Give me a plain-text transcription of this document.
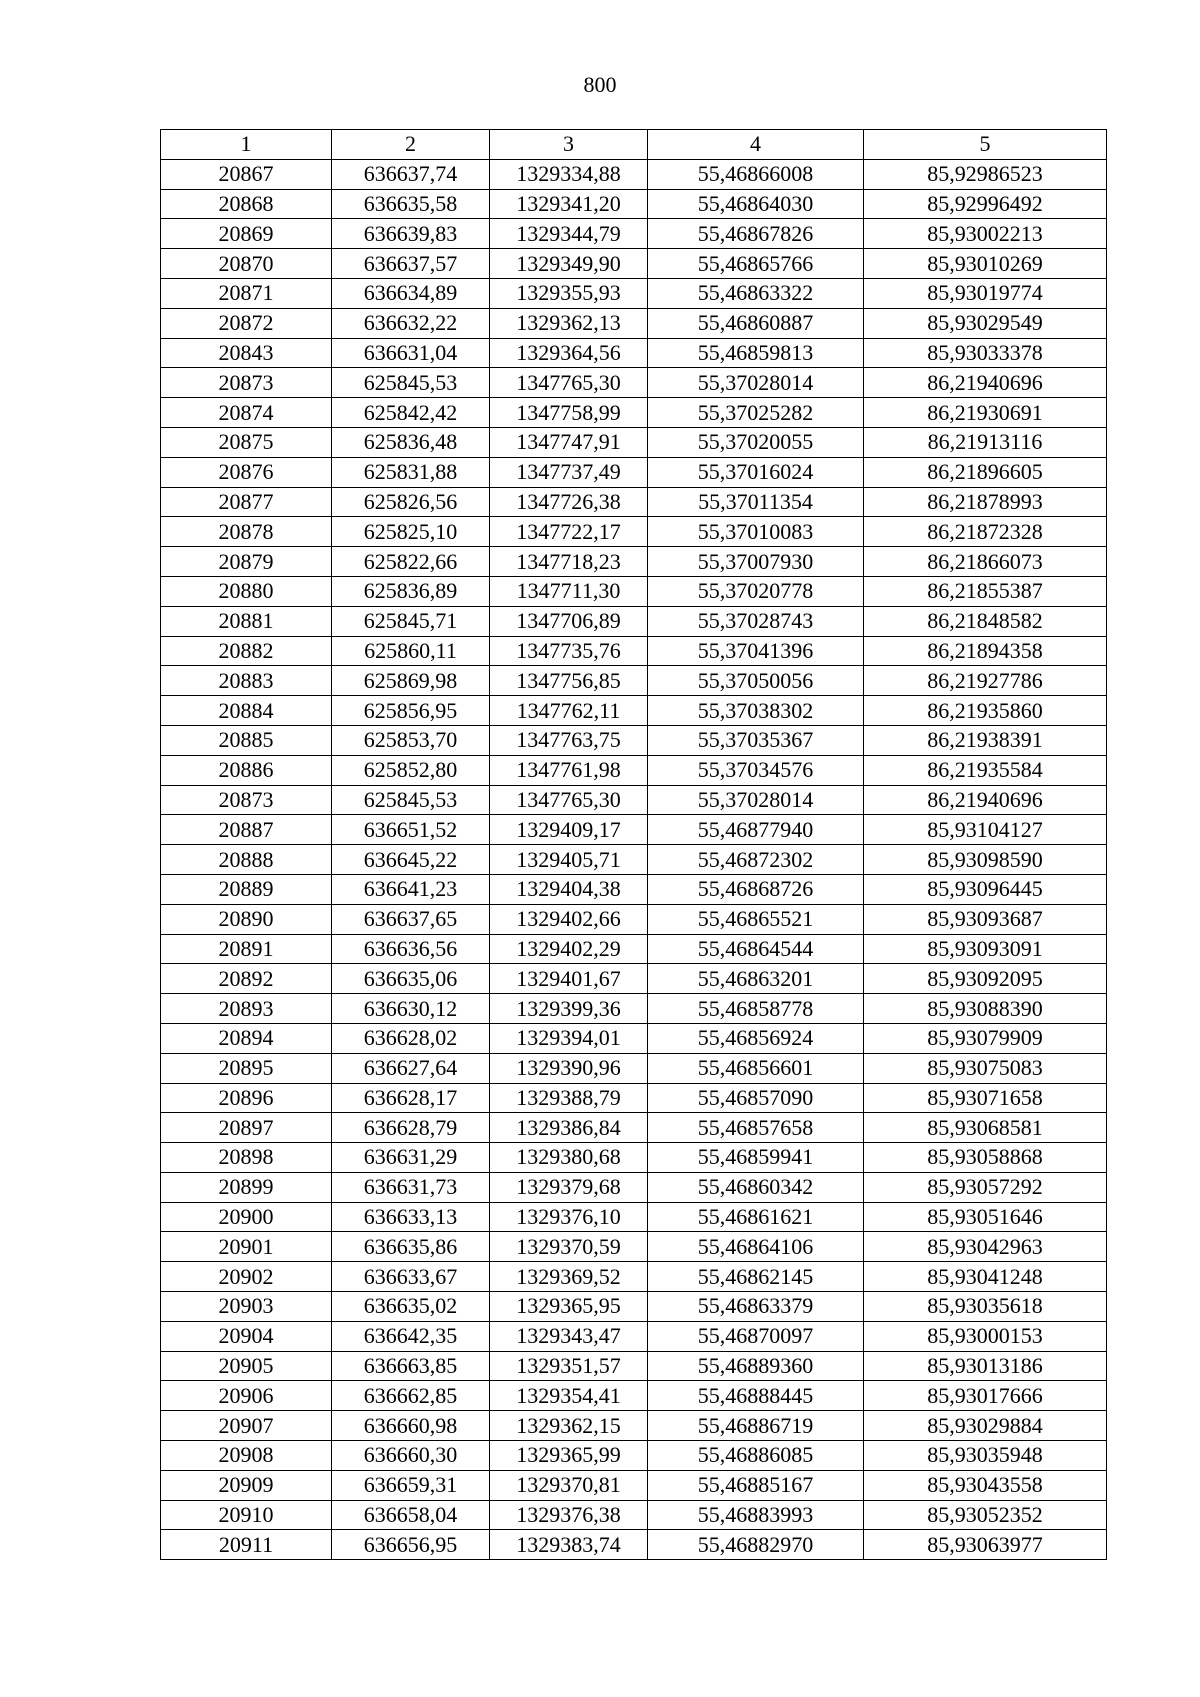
800
1	2	3	4	5
20867	636637,74	1329334,88	55,46866008	85,92986523
20868	636635,58	1329341,20	55,46864030	85,92996492
20869	636639,83	1329344,79	55,46867826	85,93002213
20870	636637,57	1329349,90	55,46865766	85,93010269
20871	636634,89	1329355,93	55,46863322	85,93019774
20872	636632,22	1329362,13	55,46860887	85,93029549
20843	636631,04	1329364,56	55,46859813	85,93033378
20873	625845,53	1347765,30	55,37028014	86,21940696
20874	625842,42	1347758,99	55,37025282	86,21930691
20875	625836,48	1347747,91	55,37020055	86,21913116
20876	625831,88	1347737,49	55,37016024	86,21896605
20877	625826,56	1347726,38	55,37011354	86,21878993
20878	625825,10	1347722,17	55,37010083	86,21872328
20879	625822,66	1347718,23	55,37007930	86,21866073
20880	625836,89	1347711,30	55,37020778	86,21855387
20881	625845,71	1347706,89	55,37028743	86,21848582
20882	625860,11	1347735,76	55,37041396	86,21894358
20883	625869,98	1347756,85	55,37050056	86,21927786
20884	625856,95	1347762,11	55,37038302	86,21935860
20885	625853,70	1347763,75	55,37035367	86,21938391
20886	625852,80	1347761,98	55,37034576	86,21935584
20873	625845,53	1347765,30	55,37028014	86,21940696
20887	636651,52	1329409,17	55,46877940	85,93104127
20888	636645,22	1329405,71	55,46872302	85,93098590
20889	636641,23	1329404,38	55,46868726	85,93096445
20890	636637,65	1329402,66	55,46865521	85,93093687
20891	636636,56	1329402,29	55,46864544	85,93093091
20892	636635,06	1329401,67	55,46863201	85,93092095
20893	636630,12	1329399,36	55,46858778	85,93088390
20894	636628,02	1329394,01	55,46856924	85,93079909
20895	636627,64	1329390,96	55,46856601	85,93075083
20896	636628,17	1329388,79	55,46857090	85,93071658
20897	636628,79	1329386,84	55,46857658	85,93068581
20898	636631,29	1329380,68	55,46859941	85,93058868
20899	636631,73	1329379,68	55,46860342	85,93057292
20900	636633,13	1329376,10	55,46861621	85,93051646
20901	636635,86	1329370,59	55,46864106	85,93042963
20902	636633,67	1329369,52	55,46862145	85,93041248
20903	636635,02	1329365,95	55,46863379	85,93035618
20904	636642,35	1329343,47	55,46870097	85,93000153
20905	636663,85	1329351,57	55,46889360	85,93013186
20906	636662,85	1329354,41	55,46888445	85,93017666
20907	636660,98	1329362,15	55,46886719	85,93029884
20908	636660,30	1329365,99	55,46886085	85,93035948
20909	636659,31	1329370,81	55,46885167	85,93043558
20910	636658,04	1329376,38	55,46883993	85,93052352
20911	636656,95	1329383,74	55,46882970	85,93063977
